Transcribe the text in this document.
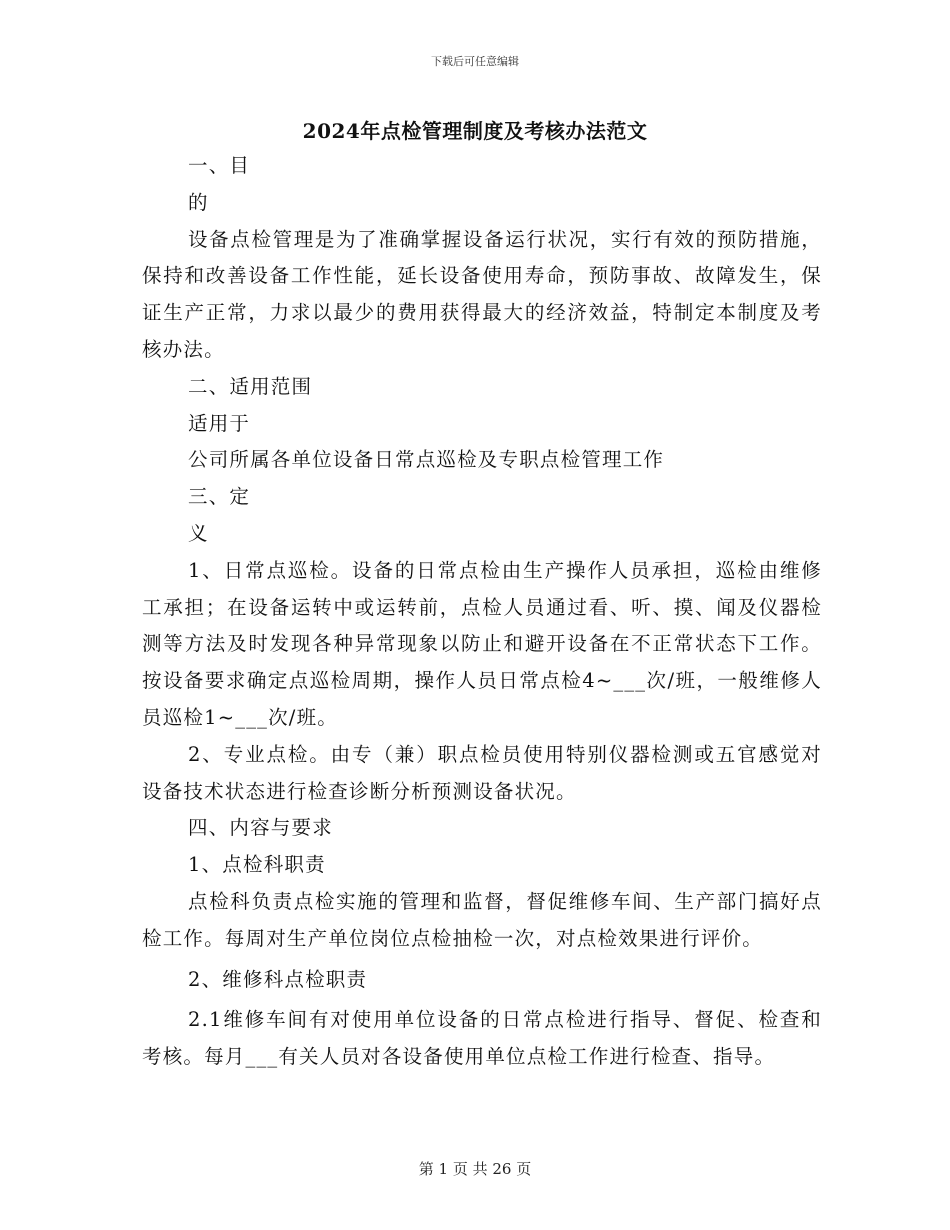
下载后可任意编辑
2024年点检管理制度及考核办法范文

一、目

的

设备点检管理是为了准确掌握设备运行状况，实行有效的预防措施，保持和改善设备工作性能，延长设备使用寿命，预防事故、故障发生，保证生产正常，力求以最少的费用获得最大的经济效益，特制定本制度及考核办法。

二、适用范围

适用于

公司所属各单位设备日常点巡检及专职点检管理工作

三、定

义

1、日常点巡检。设备的日常点检由生产操作人员承担，巡检由维修工承担；在设备运转中或运转前，点检人员通过看、听、摸、闻及仪器检测等方法及时发现各种异常现象以防止和避开设备在不正常状态下工作。按设备要求确定点巡检周期，操作人员日常点检4~___次/班，一般维修人员巡检1~___次/班。

2、专业点检。由专（兼）职点检员使用特别仪器检测或五官感觉对设备技术状态进行检查诊断分析预测设备状况。

四、内容与要求

1、点检科职责

点检科负责点检实施的管理和监督，督促维修车间、生产部门搞好点检工作。每周对生产单位岗位点检抽检一次，对点检效果进行评价。

2、维修科点检职责

2.1维修车间有对使用单位设备的日常点检进行指导、督促、检查和考核。每月___有关人员对各设备使用单位点检工作进行检查、指导。

第 1 页 共 26 页
